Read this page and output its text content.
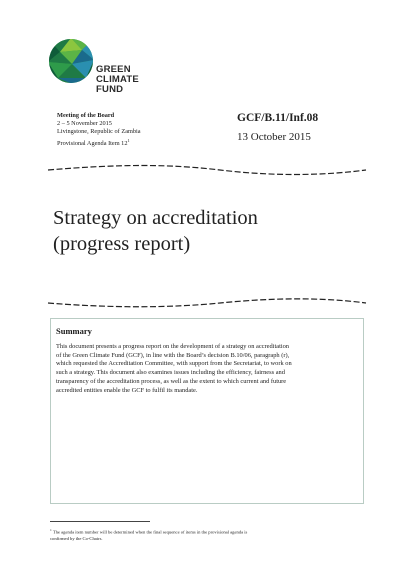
GREEN
CLIMATE
FUND
Meeting of the Board
2 – 5 November 2015
Livingstone, Republic of Zambia
Provisional Agenda Item $12^1$
GCF/B.11/Inf.08
13 October 2015
Strategy on accreditation
(progress report)
Summary
This document presents a progress report on the development of a strategy on accreditation
of the Green Climate Fund (GCF), in line with the Board’s decision B.10/06, paragraph (r),
which requested the Accreditation Committee, with support from the Secretariat, to work on
such a strategy. This document also examines issues including the efficiency, fairness and
transparency of the accreditation process, as well as the extent to which current and future
accredited entities enable the GCF to fulfil its mandate.
$^1$ The agenda item number will be determined when the final sequence of items in the provisional agenda is
confirmed by the Co-Chairs.
